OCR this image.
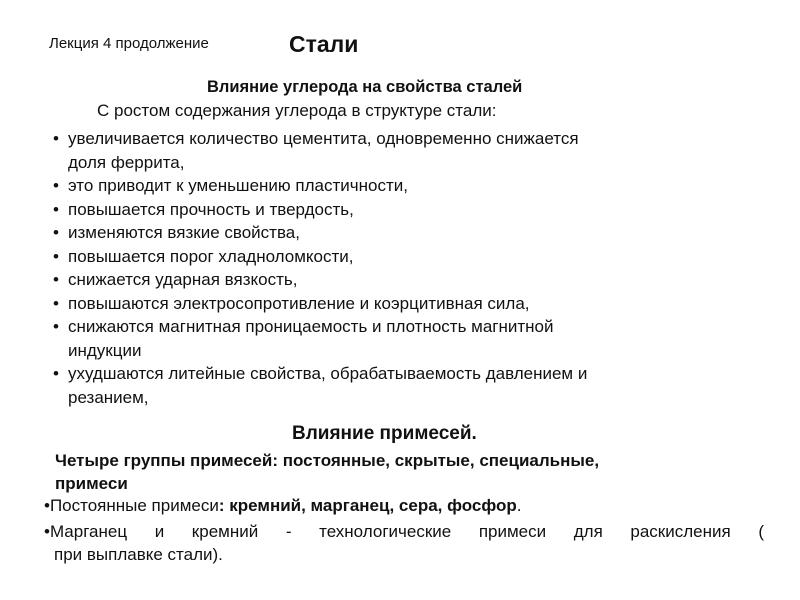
Лекция 4 продолжение	Стали
Влияние углерода на свойства сталей
С ростом содержания углерода в структуре стали:
• увеличивается количество цементита, одновременно снижается
доля феррита,
• это приводит к уменьшению пластичности,
• повышается прочность и твердость,
• изменяются вязкие свойства,
• повышается порог хладноломкости,
• снижается ударная вязкость,
• повышаются электросопротивление и коэрцитивная сила,
• снижаются магнитная проницаемость и плотность магнитной
индукции
• ухудшаются литейные свойства, обрабатываемость давлением и
резанием,
Влияние примесей.
Четыре группы примесей: постоянные, скрытые, специальные,
примеси
•Постоянные примеси: кремний, марганец, сера, фосфор.
•Марганец и кремний - технологические примеси для раскисления (
при выплавке стали).
